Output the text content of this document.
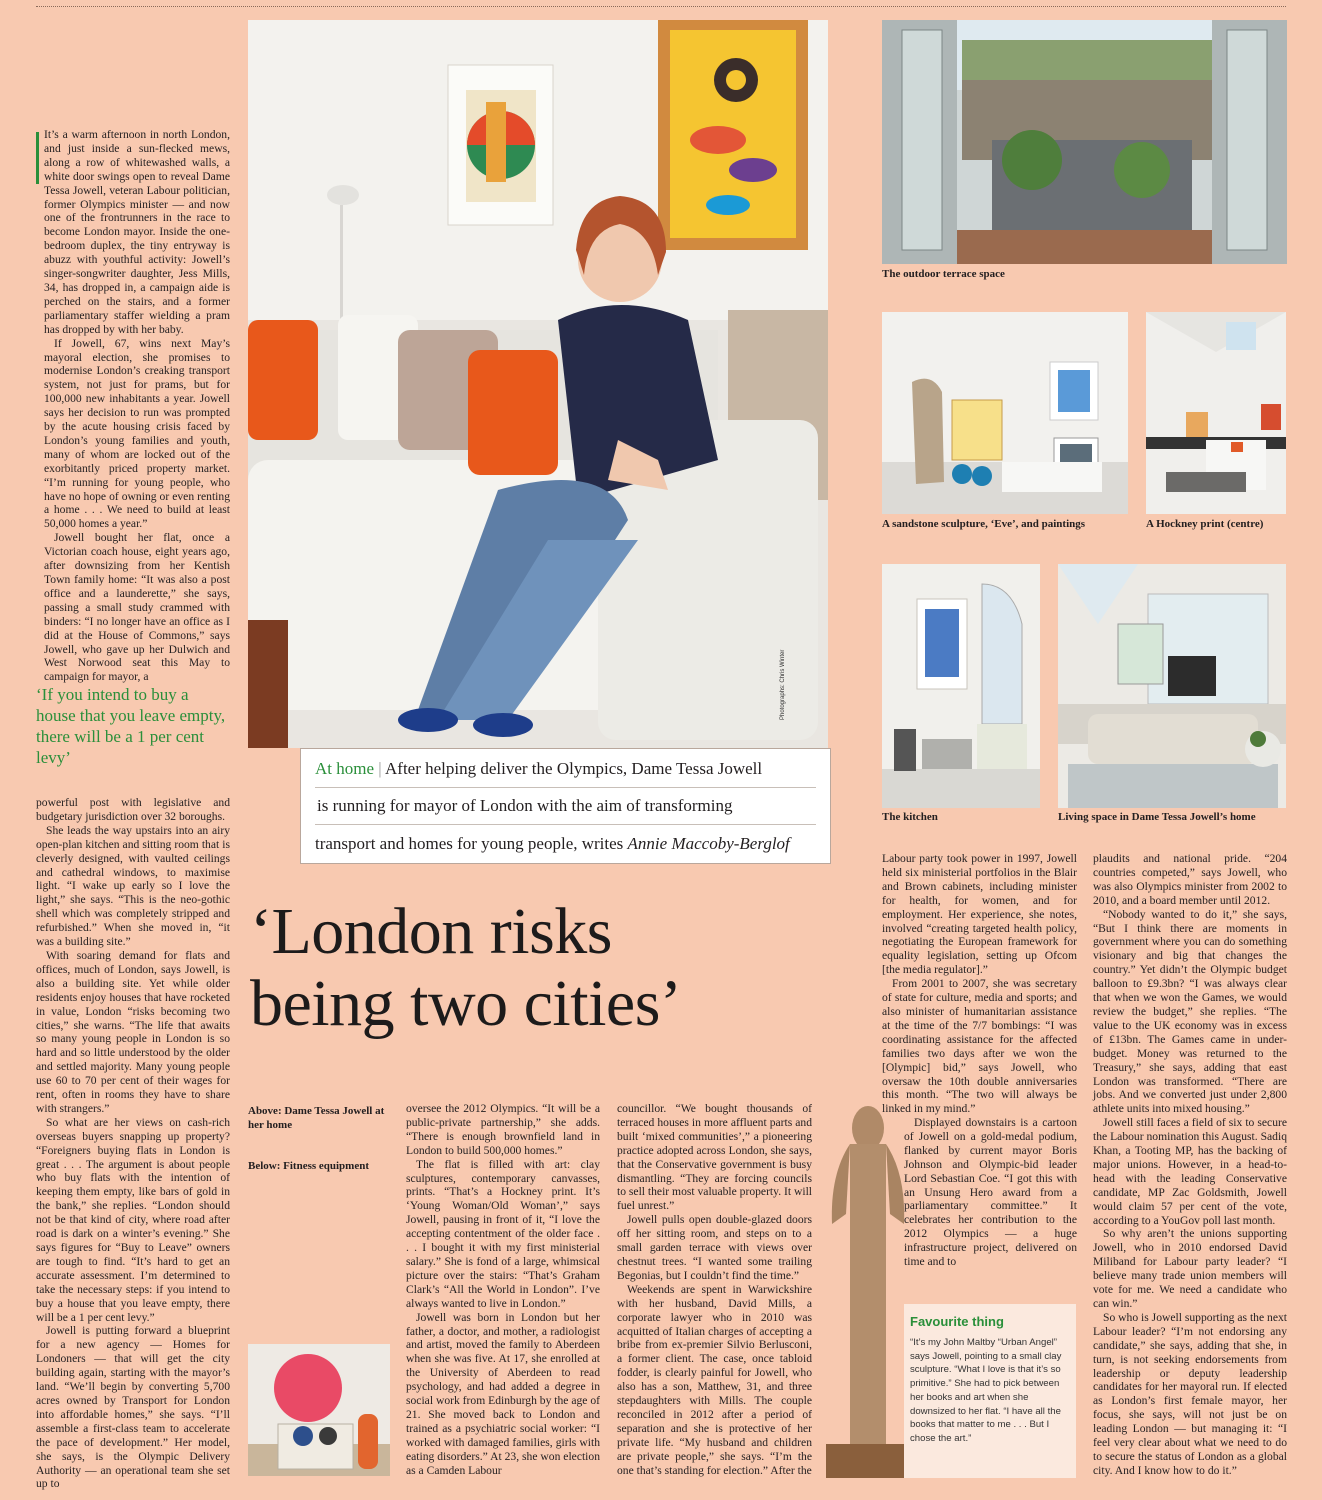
Photographs: Chris Winter
At home | After helping deliver the Olympics, Dame Tessa Jowell
is running for mayor of London with the aim of transforming
transport and homes for young people, writes Annie Maccoby-Berglof
‘London risks
being two cities’

It’s a warm afternoon in north London, and just inside a sun-flecked mews, along a row of whitewashed walls, a white door swings open to reveal Dame Tessa Jowell, veteran Labour politician, former Olympics minister — and now one of the frontrunners in the race to become London mayor. Inside the one-bedroom duplex, the tiny entryway is abuzz with youthful activity: Jowell’s singer-songwriter daughter, Jess Mills, 34, has dropped in, a campaign aide is perched on the stairs, and a former parliamentary staffer wielding a pram has dropped by with her baby.

If Jowell, 67, wins next May’s mayoral election, she promises to modernise London’s creaking transport system, not just for prams, but for 100,000 new inhabitants a year. Jowell says her decision to run was prompted by the acute housing crisis faced by London’s young families and youth, many of whom are locked out of the exorbitantly priced property market. “I’m running for young people, who have no hope of owning or even renting a home . . . We need to build at least 50,000 homes a year.”

Jowell bought her flat, once a Victorian coach house, eight years ago, after downsizing from her Kentish Town family home: “It was also a post office and a launderette,” she says, passing a small study crammed with binders: “I no longer have an office as I did at the House of Commons,” says Jowell, who gave up her Dulwich and West Norwood seat this May to campaign for mayor, a

‘If you intend to buy a house that you leave empty, there will be a 1 per cent levy’

powerful post with legislative and budgetary jurisdiction over 32 boroughs.

She leads the way upstairs into an airy open-plan kitchen and sitting room that is cleverly designed, with vaulted ceilings and cathedral windows, to maximise light. “I wake up early so I love the light,” she says. “This is the neo-gothic shell which was completely stripped and refurbished.” When she moved in, “it was a building site.”

With soaring demand for flats and offices, much of London, says Jowell, is also a building site. Yet while older residents enjoy houses that have rocketed in value, London “risks becoming two cities,” she warns. “The life that awaits so many young people in London is so hard and so little understood by the older and settled majority. Many young people use 60 to 70 per cent of their wages for rent, often in rooms they have to share with strangers.”

So what are her views on cash-rich overseas buyers snapping up property? “Foreigners buying flats in London is great . . . The argument is about people who buy flats with the intention of keeping them empty, like bars of gold in the bank,” she replies. “London should not be that kind of city, where road after road is dark on a winter’s evening.” She says figures for “Buy to Leave” owners are tough to find. “It’s hard to get an accurate assessment. I’m determined to take the necessary steps: if you intend to buy a house that you leave empty, there will be a 1 per cent levy.”

Jowell is putting forward a blueprint for a new agency — Homes for Londoners — that will get the city building again, starting with the mayor’s land. “We’ll begin by converting 5,700 acres owned by Transport for London into affordable homes,” she says. “I’ll assemble a first-class team to accelerate the pace of development.” Her model, she says, is the Olympic Delivery Authority — an operational team she set up to

Above: Dame Tessa Jowell at her home
Below: Fitness equipment

oversee the 2012 Olympics. “It will be a public-private partnership,” she adds. “There is enough brownfield land in London to build 500,000 homes.”

The flat is filled with art: clay sculptures, contemporary canvasses, prints. “That’s a Hockney print. It’s ‘Young Woman/Old Woman’,” says Jowell, pausing in front of it, “I love the accepting contentment of the older face . . . I bought it with my first ministerial salary.” She is fond of a large, whimsical picture over the stairs: “That’s Graham Clark’s “All the World in London”. I’ve always wanted to live in London.”

Jowell was born in London but her father, a doctor, and mother, a radiologist and artist, moved the family to Aberdeen when she was five. At 17, she enrolled at the University of Aberdeen to read psychology, and had added a degree in social work from Edinburgh by the age of 21. She moved back to London and trained as a psychiatric social worker: “I worked with damaged families, girls with eating disorders.” At 23, she won election as a Camden Labour

councillor. “We bought thousands of terraced houses in more affluent parts and built ‘mixed communities’,” a pioneering practice adopted across London, she says, that the Conservative government is busy dismantling. “They are forcing councils to sell their most valuable property. It will fuel unrest.”

Jowell pulls open double-glazed doors off her sitting room, and steps on to a small garden terrace with views over chestnut trees. “I wanted some trailing Begonias, but I couldn’t find the time.”

Weekends are spent in Warwickshire with her husband, David Mills, a corporate lawyer who in 2010 was acquitted of Italian charges of accepting a bribe from ex-premier Silvio Berlusconi, a former client. The case, once tabloid fodder, is clearly painful for Jowell, who also has a son, Matthew, 31, and three stepdaughters with Mills. The couple reconciled in 2012 after a period of separation and she is protective of her private life. “My husband and children are private people,” she says. “I’m the one that’s standing for election.” After the

The outdoor terrace space
A sandstone sculpture, ‘Eve’, and paintings	A Hockney print (centre)
The kitchen	Living space in Dame Tessa Jowell’s home

Labour party took power in 1997, Jowell held six ministerial portfolios in the Blair and Brown cabinets, including minister for health, for women, and for employment. Her experience, she notes, involved “creating targeted health policy, negotiating the European framework for equality legislation, setting up Ofcom [the media regulator].”

From 2001 to 2007, she was secretary of state for culture, media and sports; and also minister of humanitarian assistance at the time of the 7/7 bombings: “I was coordinating assistance for the affected families two days after we won the [Olympic] bid,” says Jowell, who oversaw the 10th double anniversaries this month. “The two will always be linked in my mind.”

Displayed downstairs is a cartoon of Jowell on a gold-medal podium, flanked by current mayor Boris Johnson and Olympic-bid leader Lord Sebastian Coe. “I got this with an Unsung Hero award from a parliamentary committee.” It celebrates her contribution to the 2012 Olympics — a huge infrastructure project, delivered on time and to

Favourite thing
“It’s my John Maltby “Urban Angel” says Jowell, pointing to a small clay sculpture. “What I love is that it’s so primitive.” She had to pick between her books and art when she downsized to her flat. “I have all the books that matter to me . . . But I chose the art.”

plaudits and national pride. “204 countries competed,” says Jowell, who was also Olympics minister from 2002 to 2010, and a board member until 2012.

“Nobody wanted to do it,” she says, “But I think there are moments in government where you can do something visionary and big that changes the country.” Yet didn’t the Olympic budget balloon to £9.3bn? “I was always clear that when we won the Games, we would review the budget,” she replies. “The value to the UK economy was in excess of £13bn. The Games came in under-budget. Money was returned to the Treasury,” she says, adding that east London was transformed. “There are jobs. And we converted just under 2,800 athlete units into mixed housing.”

Jowell still faces a field of six to secure the Labour nomination this August. Sadiq Khan, a Tooting MP, has the backing of major unions. However, in a head-to-head with the leading Conservative candidate, MP Zac Goldsmith, Jowell would claim 57 per cent of the vote, according to a YouGov poll last month.

So why aren’t the unions supporting Jowell, who in 2010 endorsed David Miliband for Labour party leader? “I believe many trade union members will vote for me. We need a candidate who can win.”

So who is Jowell supporting as the next Labour leader? “I’m not endorsing any candidate,” she says, adding that she, in turn, is not seeking endorsements from leadership or deputy leadership candidates for her mayoral run. If elected as London’s first female mayor, her focus, she says, will not just be on leading London — but managing it: “I feel very clear about what we need to do to secure the status of London as a global city. And I know how to do it.”
